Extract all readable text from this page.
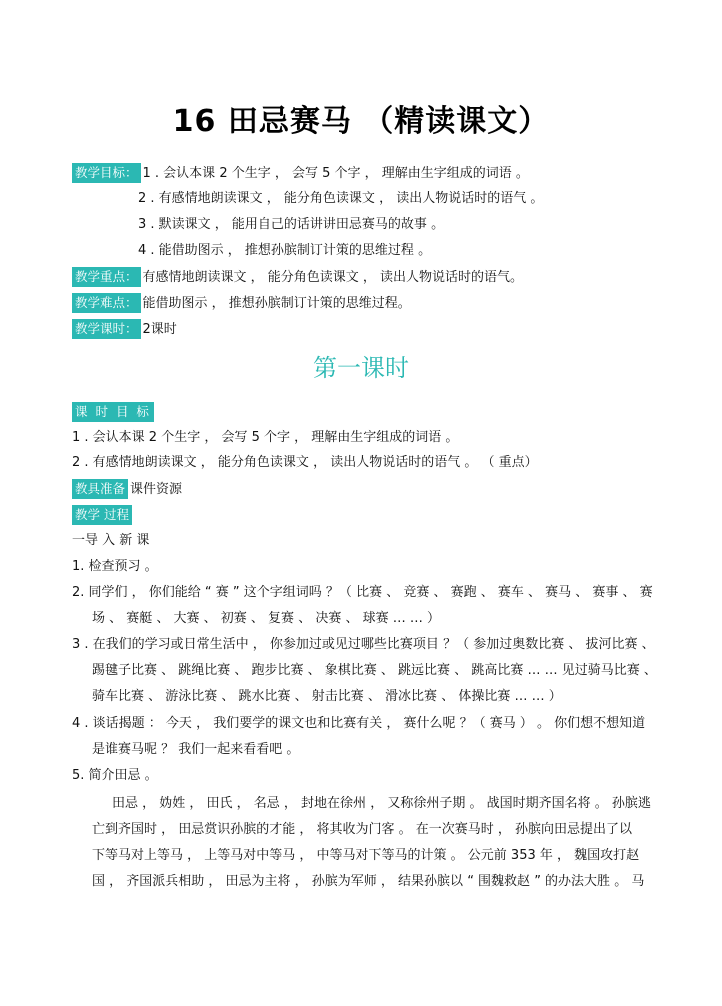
16 田忌赛马 （精读课文）
教学目标： 1 . 会认本课 2 个生字 ， 会写 5 个字 ， 理解由生字组成的词语 。
2 . 有感情地朗读课文 ， 能分角色读课文 ， 读出人物说话时的语气 。
3 . 默读课文 ， 能用自己的话讲讲田忌赛马的故事 。
4 . 能借助图示 ， 推想孙膑制订计策的思维过程 。
教学重点： 有感情地朗读课文 ， 能分角色读课文 ， 读出人物说话时的语气。
教学难点： 能借助图示 ， 推想孙膑制订计策的思维过程。
教学课时： 2课时
第一课时
课 时 目 标
1 . 会认本课 2 个生字 ， 会写 5 个字 ， 理解由生字组成的词语 。
2 . 有感情地朗读课文 ， 能分角色读课文 ， 读出人物说话时的语气 。 （ 重点）
教具准备 课件资源
教学 过程
一导 入 新 课
1. 检查预习 。
2. 同学们 ， 你们能给 “ 赛 ” 这个字组词吗 ？（ 比赛 、 竞赛 、 赛跑 、 赛车 、 赛马 、 赛事 、 赛
场 、 赛艇 、 大赛 、 初赛 、 复赛 、 决赛 、 球赛 … … ）
3 . 在我们的学习或日常生活中 ， 你参加过或见过哪些比赛项目 ？（ 参加过奥数比赛 、 拔河比赛 、
踢毽子比赛 、 跳绳比赛 、 跑步比赛 、 象棋比赛 、 跳远比赛 、 跳高比赛 … … 见过骑马比赛 、
骑车比赛 、 游泳比赛 、 跳水比赛 、 射击比赛 、 滑冰比赛 、 体操比赛 … … ）
4 . 谈话揭题 ： 今天 ， 我们要学的课文也和比赛有关 ， 赛什么呢 ？（ 赛马 ） 。 你们想不想知道
是谁赛马呢 ？ 我们一起来看看吧 。
5. 简介田忌 。
田忌 ， 妫姓 ， 田氏 ， 名忌 ， 封地在徐州 ， 又称徐州子期 。 战国时期齐国名将 。 孙膑逃
亡到齐国时 ， 田忌赏识孙膑的才能 ， 将其收为门客 。 在一次赛马时 ， 孙膑向田忌提出了以
下等马对上等马 ， 上等马对中等马 ， 中等马对下等马的计策 。 公元前 353 年 ， 魏国攻打赵
国 ， 齐国派兵相助 ， 田忌为主将 ， 孙膑为军师 ， 结果孙膑以 “ 围魏救赵 ” 的办法大胜 。 马
